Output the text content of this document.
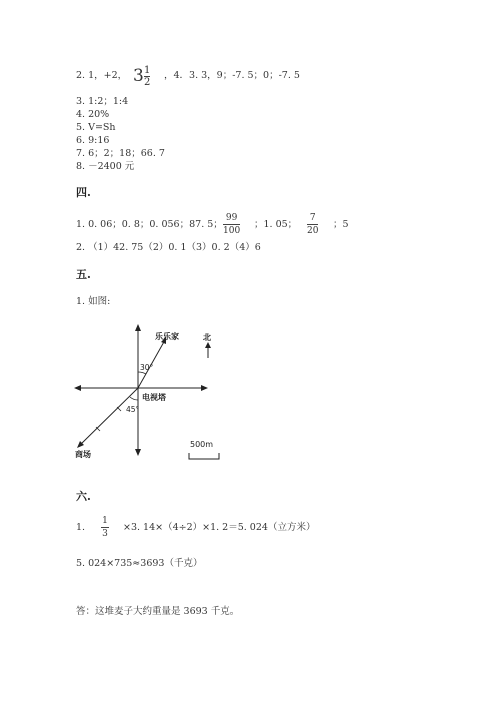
2. 1，+2， 3 1
2
，4．3. 3，9；-7. 5；0；-7. 5
3. 1:2；1:4
4. 20%
5. V=Sh
6. 9:16
7. 6；2；18；66. 7
8. －2400 元
四.
1. 0. 06；0. 8；0. 056；87. 5；
99
100
；1. 05；
7
20
；5
2. （1）42. 75（2）0. 1（3）0. 2（4）6
五.
1. 如图:
30°
45°
乐乐家
电视塔
商场
北
500m
六.
1.
1
3
×3. 14×（4÷2）×1. 2＝5. 024（立方米）
5. 024×735≈3693（千克）
答：这堆麦子大约重量是 3693 千克。
